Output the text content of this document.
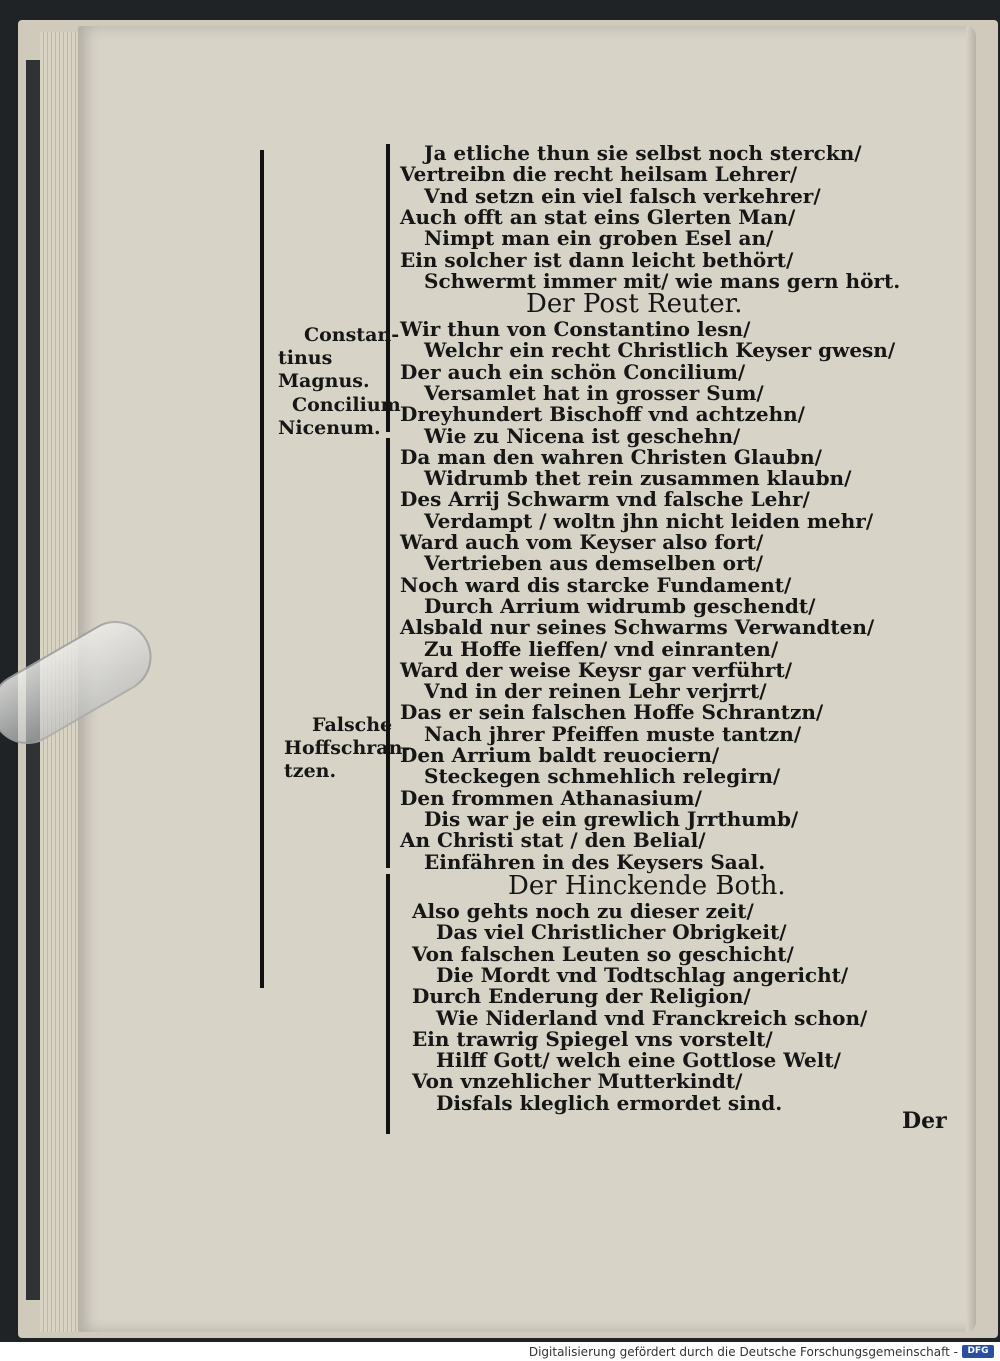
Constan-
tinus
Magnus.
Concilium
Nicenum.
Falsche
Hoffschran-
tzen.
Ja etliche thun sie selbst noch sterckn/
Vertreibn die recht heilsam Lehrer/
Vnd setzn ein viel falsch verkehrer/
Auch offt an stat eins Glerten Man/
Nimpt man ein groben Esel an/
Ein solcher ist dann leicht bethört/
Schwermt immer mit/ wie mans gern hört.
Der Post Reuter.
Wir thun von Constantino lesn/
Welchr ein recht Christlich Keyser gwesn/
Der auch ein schön Concilium/
Versamlet hat in grosser Sum/
Dreyhundert Bischoff vnd achtzehn/
Wie zu Nicena ist geschehn/
Da man den wahren Christen Glaubn/
Widrumb thet rein zusammen klaubn/
Des Arrij Schwarm vnd falsche Lehr/
Verdampt / woltn jhn nicht leiden mehr/
Ward auch vom Keyser also fort/
Vertrieben aus demselben ort/
Noch ward dis starcke Fundament/
Durch Arrium widrumb geschendt/
Alsbald nur seines Schwarms Verwandten/
Zu Hoffe lieffen/ vnd einranten/
Ward der weise Keysr gar verführt/
Vnd in der reinen Lehr verjrrt/
Das er sein falschen Hoffe Schrantzn/
Nach jhrer Pfeiffen muste tantzn/
Den Arrium baldt reuociern/
Steckegen schmehlich relegirn/
Den frommen Athanasium/
Dis war je ein grewlich Jrrthumb/
An Christi stat / den Belial/
Einfähren in des Keysers Saal.
Der Hinckende Both.
Also gehts noch zu dieser zeit/
Das viel Christlicher Obrigkeit/
Von falschen Leuten so geschicht/
Die Mordt vnd Todtschlag angericht/
Durch Enderung der Religion/
Wie Niderland vnd Franckreich schon/
Ein trawrig Spiegel vns vorstelt/
Hilff Gott/ welch eine Gottlose Welt/
Von vnzehlicher Mutterkindt/
Disfals kleglich ermordet sind.
Der
Digitalisierung gefördert durch die Deutsche Forschungsgemeinschaft -	DFG
